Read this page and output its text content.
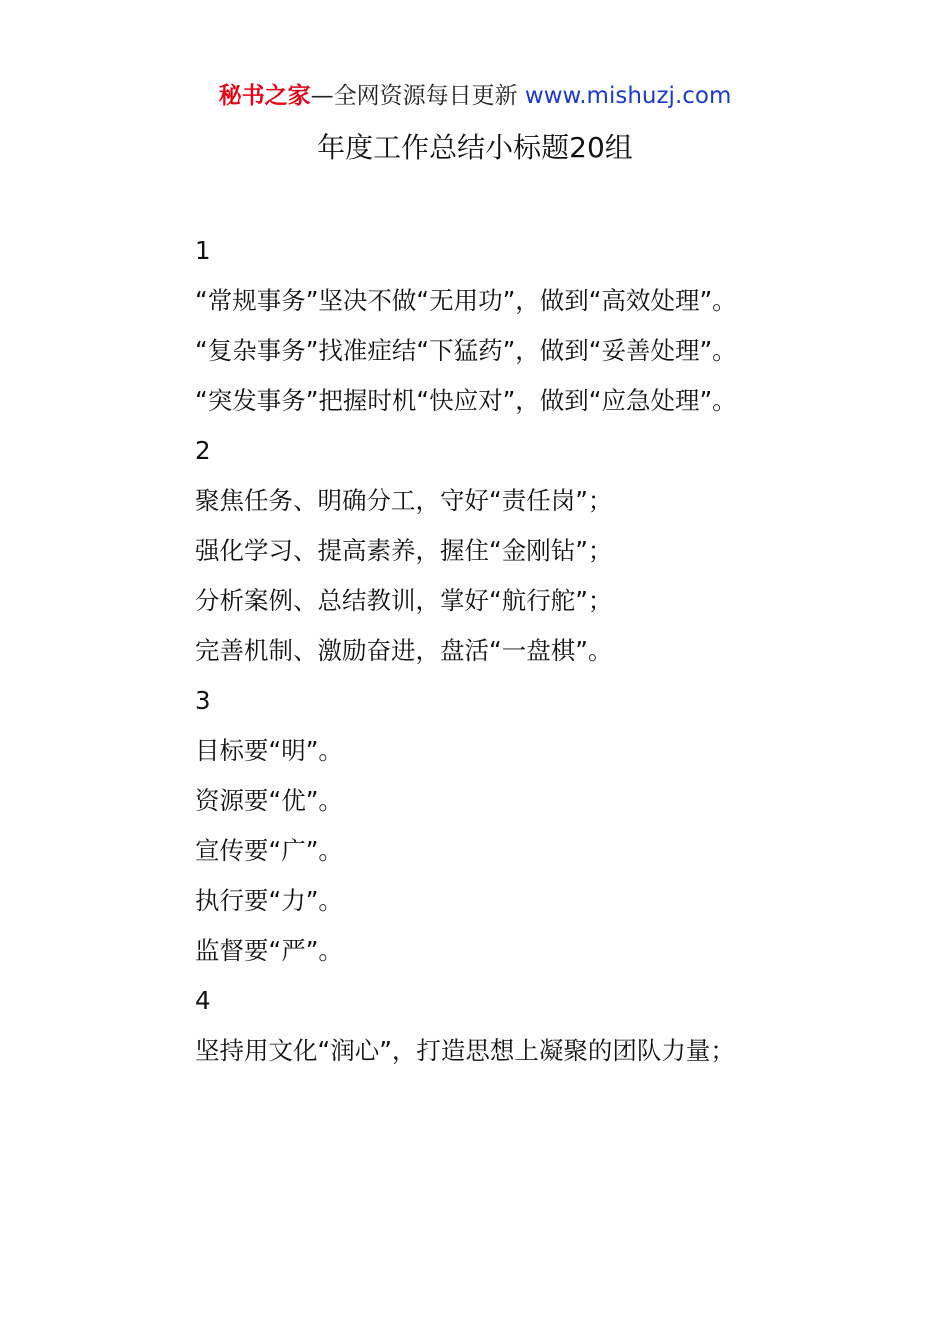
秘书之家—全网资源每日更新 www.mishuzj.com
年度工作总结小标题20组
1

“常规事务”坚决不做“无用功”，做到“高效处理”。

“复杂事务”找准症结“下猛药”，做到“妥善处理”。

“突发事务”把握时机“快应对”，做到“应急处理”。

2
聚焦任务、明确分工，守好“责任岗”；
强化学习、提高素养，握住“金刚钻”；
分析案例、总结教训，掌好“航行舵”；
完善机制、激励奋进，盘活“一盘棋”。
3
目标要“明”。
资源要“优”。
宣传要“广”。
执行要“力”。
监督要“严”。
4
坚持用文化“润心”，打造思想上凝聚的团队力量；
